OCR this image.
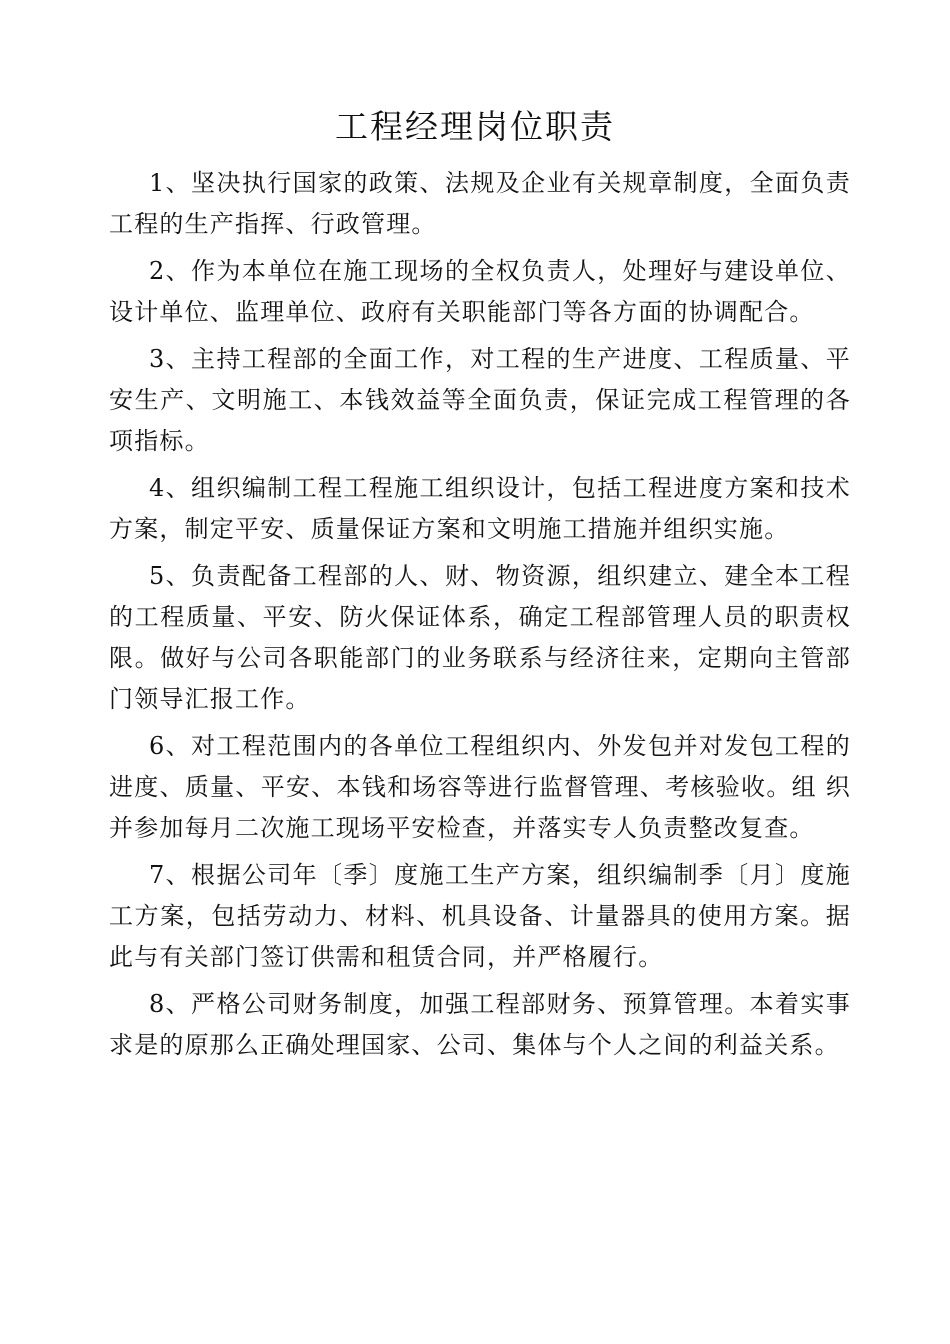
工程经理岗位职责

1、坚决执行国家的政策、法规及企业有关规章制度，全面负责工程的生产指挥、行政管理。

2、作为本单位在施工现场的全权负责人，处理好与建设单位、设计单位、监理单位、政府有关职能部门等各方面的协调配合。

3、主持工程部的全面工作，对工程的生产进度、工程质量、平安生产、文明施工、本钱效益等全面负责，保证完成工程管理的各项指标。

4、组织编制工程工程施工组织设计，包括工程进度方案和技术方案，制定平安、质量保证方案和文明施工措施并组织实施。

5、负责配备工程部的人、财、物资源，组织建立、建全本工程的工程质量、平安、防火保证体系，确定工程部管理人员的职责权限。做好与公司各职能部门的业务联系与经济往来，定期向主管部门领导汇报工作。

6、对工程范围内的各单位工程组织内、外发包并对发包工程的进度、质量、平安、本钱和场容等进行监督管理、考核验收。组 织并参加每月二次施工现场平安检查，并落实专人负责整改复查。

7、根据公司年〔季〕度施工生产方案，组织编制季〔月〕度施工方案，包括劳动力、材料、机具设备、计量器具的使用方案。据此与有关部门签订供需和租赁合同，并严格履行。

8、严格公司财务制度，加强工程部财务、预算管理。本着实事求是的原那么正确处理国家、公司、集体与个人之间的利益关系。
